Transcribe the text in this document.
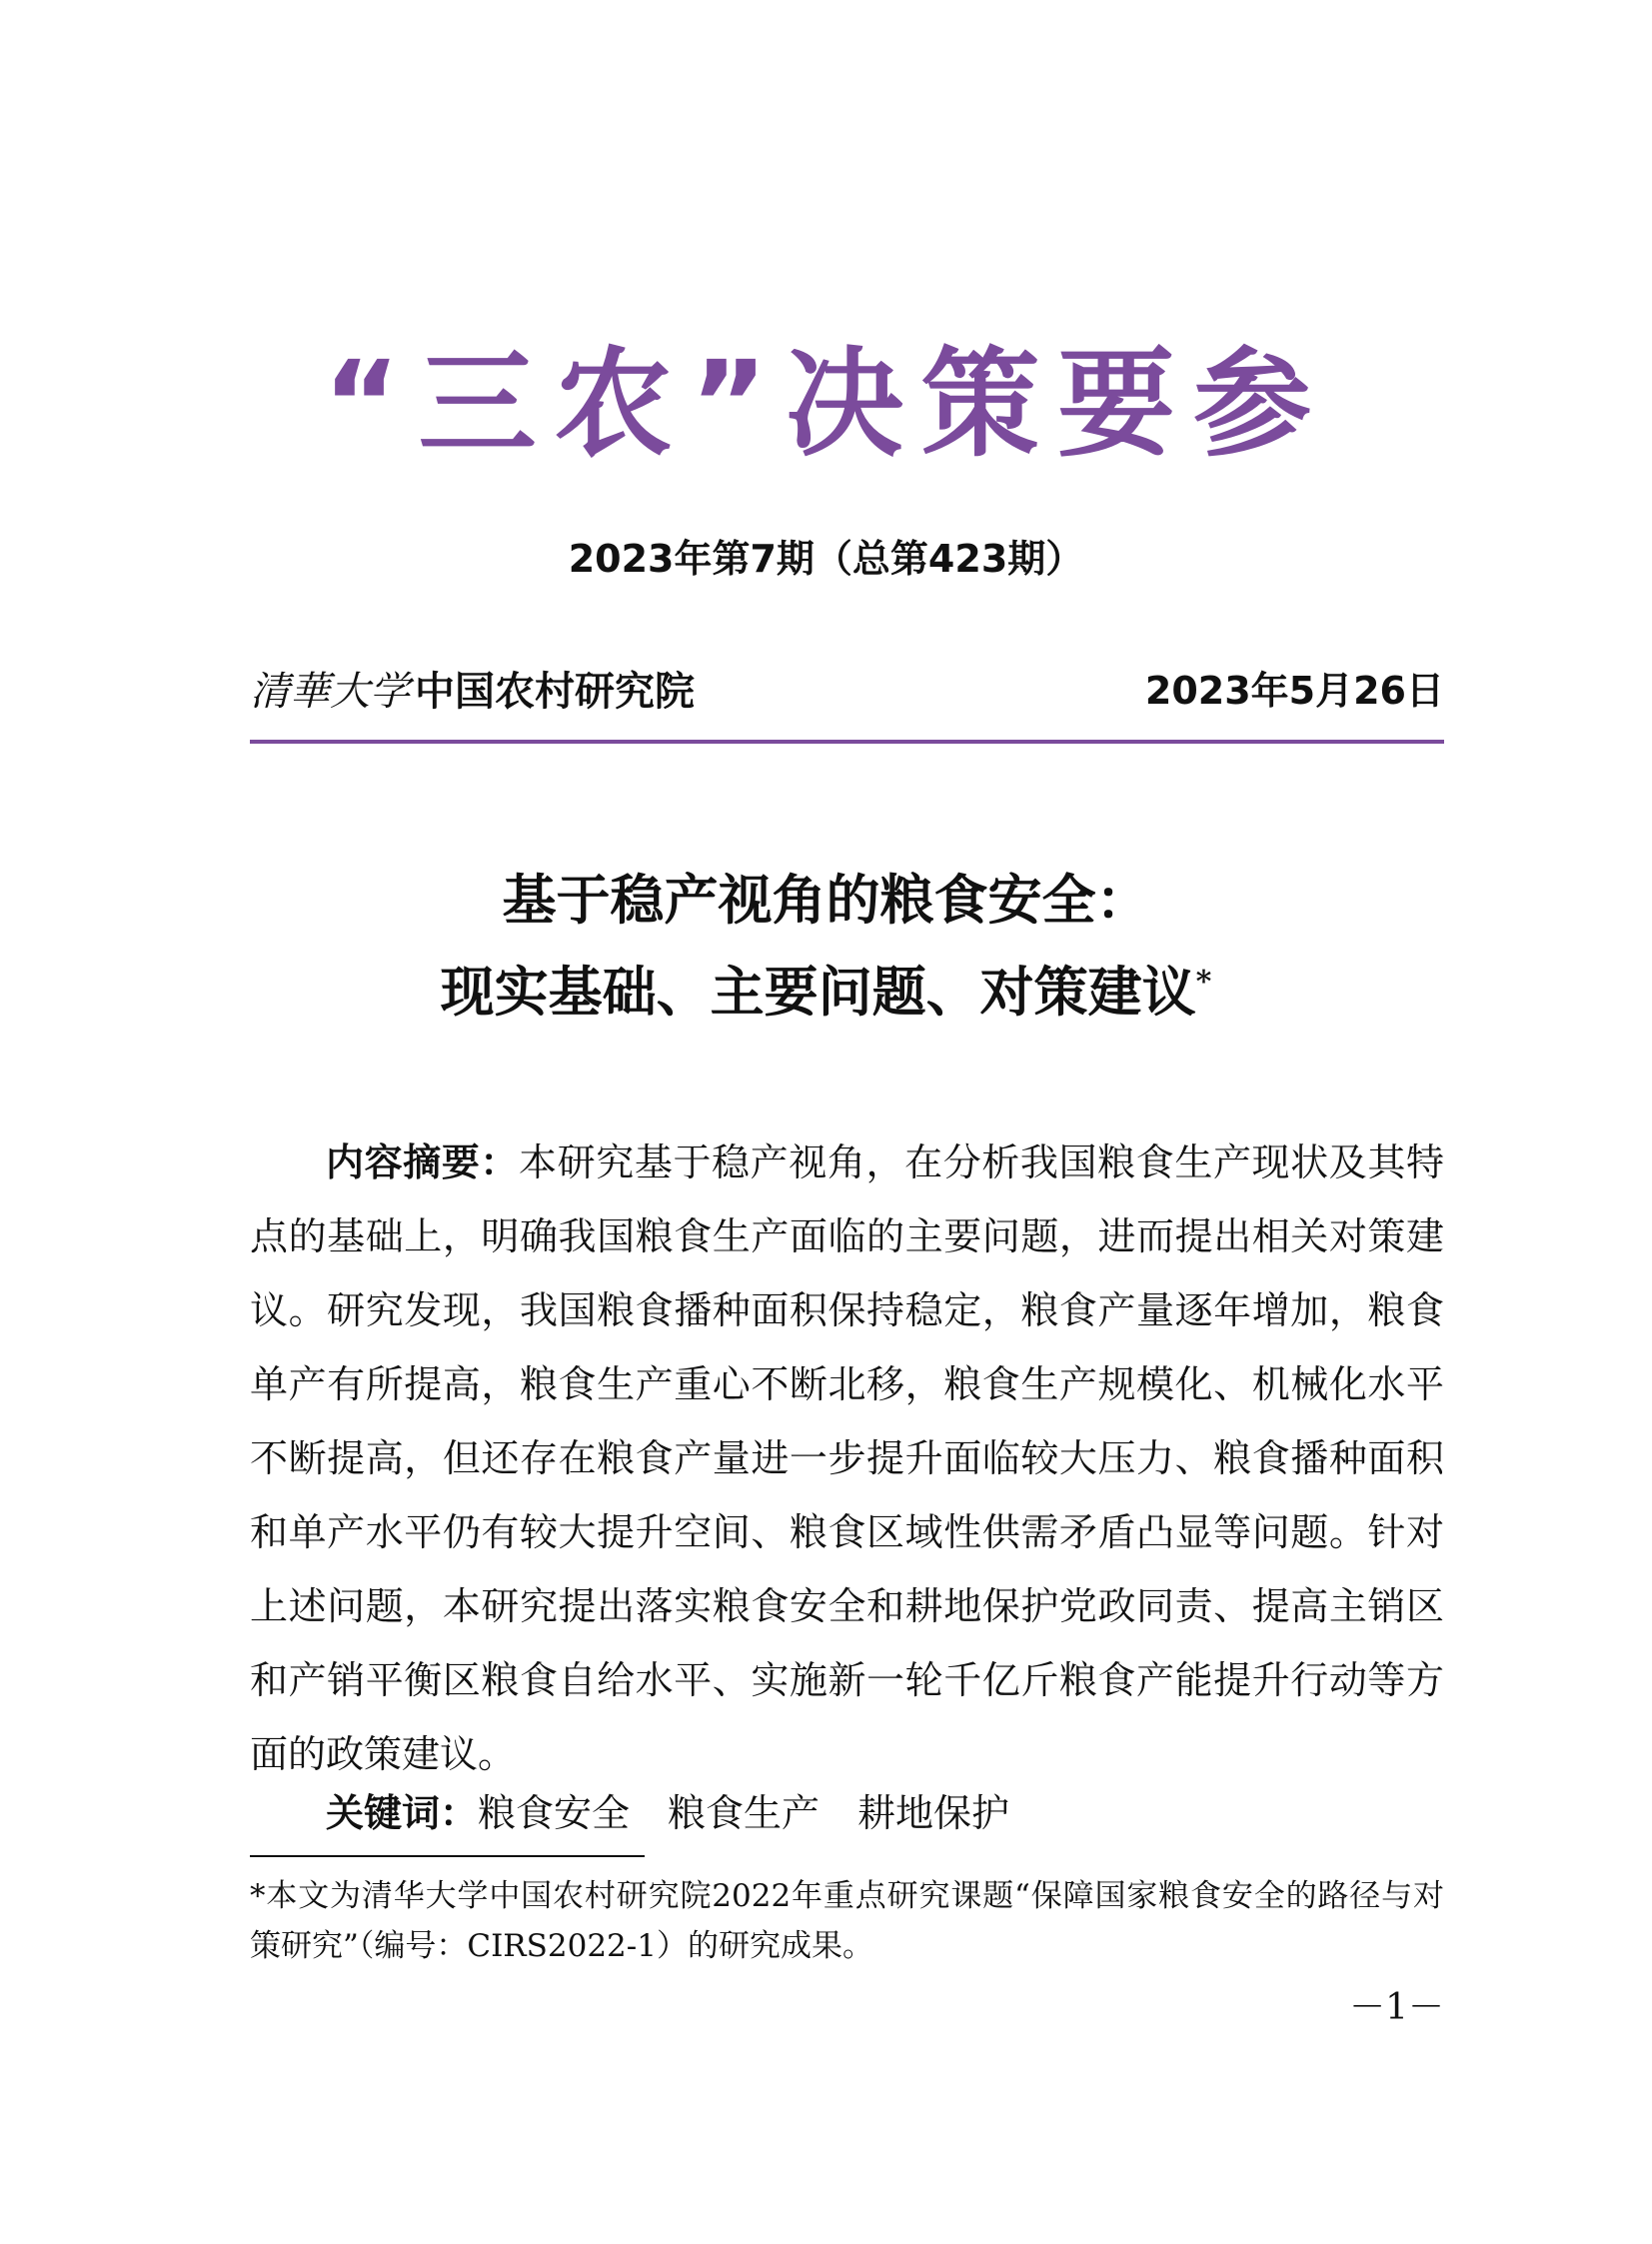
“三农”决策要参
2023年第7期（总第423期）
清華大学 中国农村研究院	2023年5月26日
基于稳产视角的粮食安全：
现实基础、主要问题、对策建议*
内容摘要：本研究基于稳产视角，在分析我国粮食生产现状及其特点的基础上，明确我国粮食生产面临的主要问题，进而提出相关对策建议。研究发现，我国粮食播种面积保持稳定，粮食产量逐年增加，粮食单产有所提高，粮食生产重心不断北移，粮食生产规模化、机械化水平不断提高，但还存在粮食产量进一步提升面临较大压力、粮食播种面积和单产水平仍有较大提升空间、粮食区域性供需矛盾凸显等问题。针对上述问题，本研究提出落实粮食安全和耕地保护党政同责、提高主销区和产销平衡区粮食自给水平、实施新一轮千亿斤粮食产能提升行动等方面的政策建议。
关键词：粮食安全 粮食生产 耕地保护
*本文为清华大学中国农村研究院2022年重点研究课题“保障国家粮食安全的路径与对策研究”（编号：CIRS2022-1）的研究成果。
－1－
